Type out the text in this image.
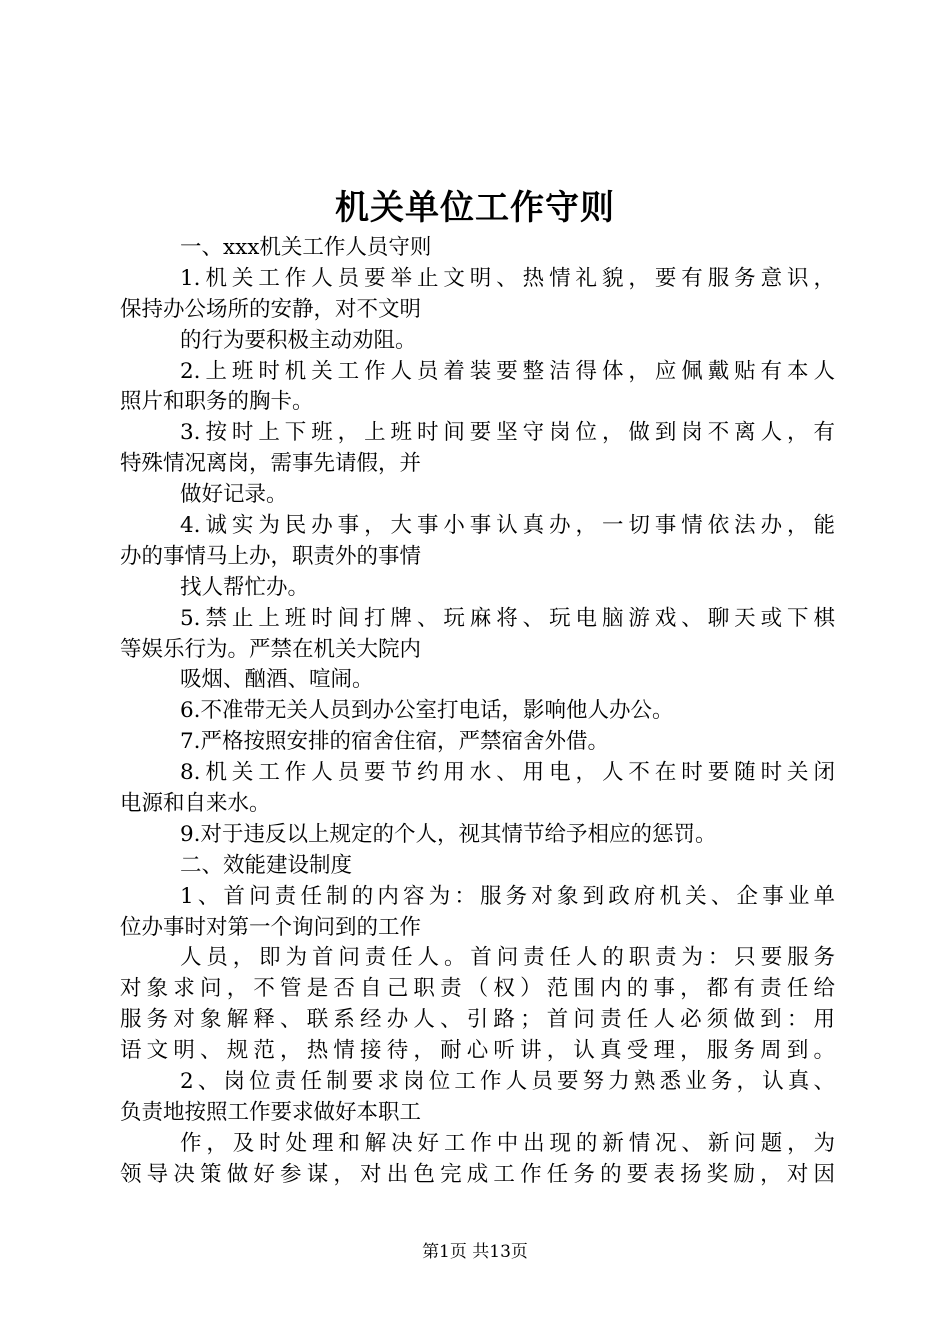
机关单位工作守则
一、xxx机关工作人员守则
1.机关工作人员要举止文明、热情礼貌，要有服务意识，
保持办公场所的安静，对不文明
的行为要积极主动劝阻。
2.上班时机关工作人员着装要整洁得体，应佩戴贴有本人
照片和职务的胸卡。
3.按时上下班，上班时间要坚守岗位，做到岗不离人，有
特殊情况离岗，需事先请假，并
做好记录。
4.诚实为民办事，大事小事认真办，一切事情依法办，能
办的事情马上办，职责外的事情
找人帮忙办。
5.禁止上班时间打牌、玩麻将、玩电脑游戏、聊天或下棋
等娱乐行为。严禁在机关大院内
吸烟、酗酒、喧闹。
6.不准带无关人员到办公室打电话，影响他人办公。
7.严格按照安排的宿舍住宿，严禁宿舍外借。
8.机关工作人员要节约用水、用电，人不在时要随时关闭
电源和自来水。
9.对于违反以上规定的个人，视其情节给予相应的惩罚。
二、效能建设制度
1、首问责任制的内容为：服务对象到政府机关、企事业单
位办事时对第一个询问到的工作
人员，即为首问责任人。首问责任人的职责为：只要服务
对象求问，不管是否自己职责（权）范围内的事，都有责任给
服务对象解释、联系经办人、引路；首问责任人必须做到：用
语文明、规范，热情接待，耐心听讲，认真受理，服务周到。
2、岗位责任制要求岗位工作人员要努力熟悉业务，认真、
负责地按照工作要求做好本职工
作，及时处理和解决好工作中出现的新情况、新问题，为
领导决策做好参谋，对出色完成工作任务的要表扬奖励，对因
第1页 共13页
